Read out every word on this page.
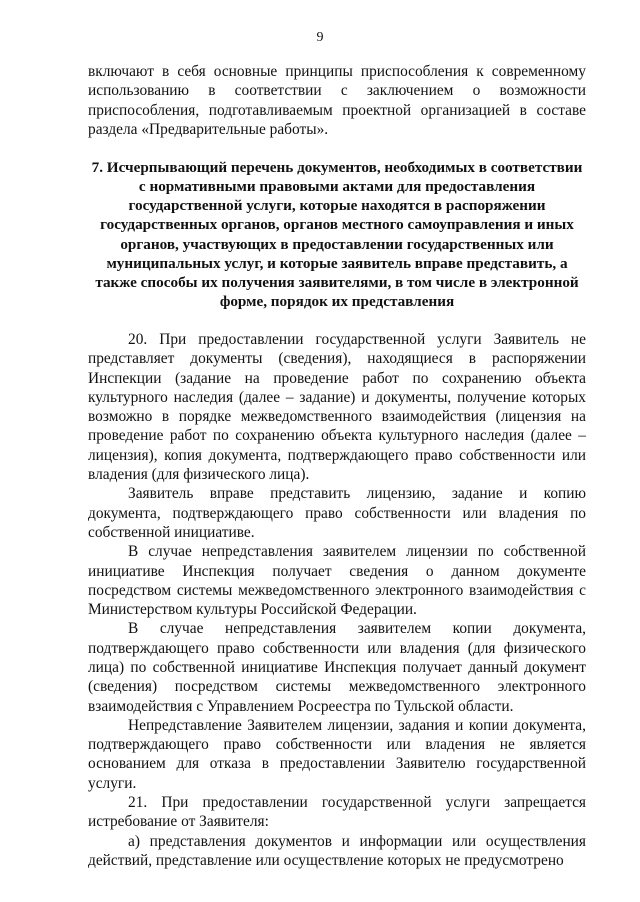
9

включают в себя основные принципы приспособления к современному использованию в соответствии с заключением о возможности приспособления, подготавливаемым проектной организацией в составе раздела «Предварительные работы».

7. Исчерпывающий перечень документов, необходимых в соответствии с нормативными правовыми актами для предоставления государственной услуги, которые находятся в распоряжении государственных органов, органов местного самоуправления и иных органов, участвующих в предоставлении государственных или муниципальных услуг, и которые заявитель вправе представить, а также способы их получения заявителями, в том числе в электронной форме, порядок их представления

20. При предоставлении государственной услуги Заявитель не представляет документы (сведения), находящиеся в распоряжении Инспекции (задание на проведение работ по сохранению объекта культурного наследия (далее – задание) и документы, получение которых возможно в порядке межведомственного взаимодействия (лицензия на проведение работ по сохранению объекта культурного наследия (далее – лицензия), копия документа, подтверждающего право собственности или владения (для физического лица).

Заявитель вправе представить лицензию, задание и копию документа, подтверждающего право собственности или владения по собственной инициативе.

В случае непредставления заявителем лицензии по собственной инициативе Инспекция получает сведения о данном документе посредством системы межведомственного электронного взаимодействия с Министерством культуры Российской Федерации.

В случае непредставления заявителем копии документа, подтверждающего право собственности или владения (для физического лица) по собственной инициативе Инспекция получает данный документ (сведения) посредством системы межведомственного электронного взаимодействия с Управлением Росреестра по Тульской области.

Непредставление Заявителем лицензии, задания и копии документа, подтверждающего право собственности или владения не является основанием для отказа в предоставлении Заявителю государственной услуги.

21. При предоставлении государственной услуги запрещается истребование от Заявителя:

а) представления документов и информации или осуществления действий, представление или осуществление которых не предусмотрено
